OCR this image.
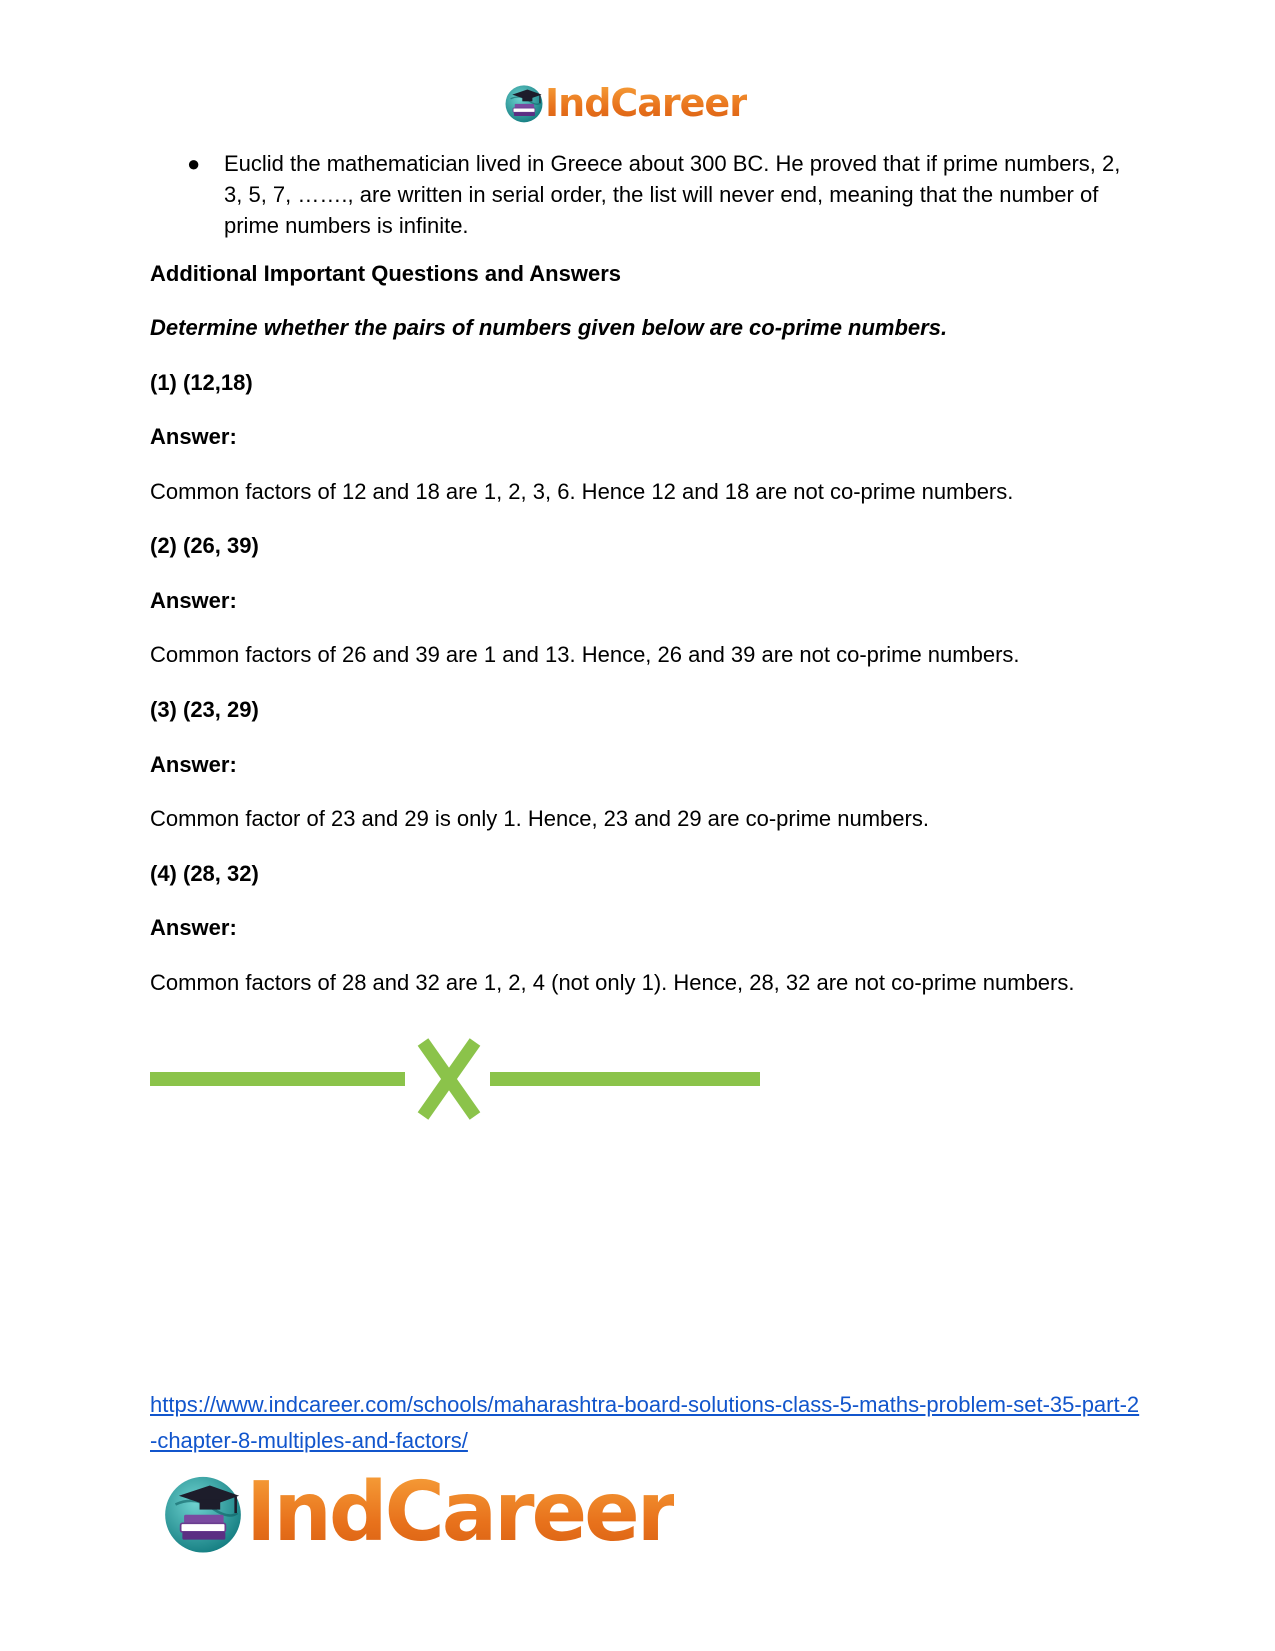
IndCareer
● Euclid the mathematician lived in Greece about 300 BC. He proved that if prime numbers, 2, 3, 5, 7, ……., are written in serial order, the list will never end, meaning that the number of prime numbers is infinite.
Additional Important Questions and Answers
Determine whether the pairs of numbers given below are co-prime numbers.
(1) (12,18)
Answer:
Common factors of 12 and 18 are 1, 2, 3, 6. Hence 12 and 18 are not co-prime numbers.
(2) (26, 39)
Answer:
Common factors of 26 and 39 are 1 and 13. Hence, 26 and 39 are not co-prime numbers.
(3) (23, 29)
Answer:
Common factor of 23 and 29 is only 1. Hence, 23 and 29 are co-prime numbers.
(4) (28, 32)
Answer:
Common factors of 28 and 32 are 1, 2, 4 (not only 1). Hence, 28, 32 are not co-prime numbers.
https://www.indcareer.com/schools/maharashtra-board-solutions-class-5-maths-problem-set-35-part-2-chapter-8-multiples-and-factors/
IndCareer
